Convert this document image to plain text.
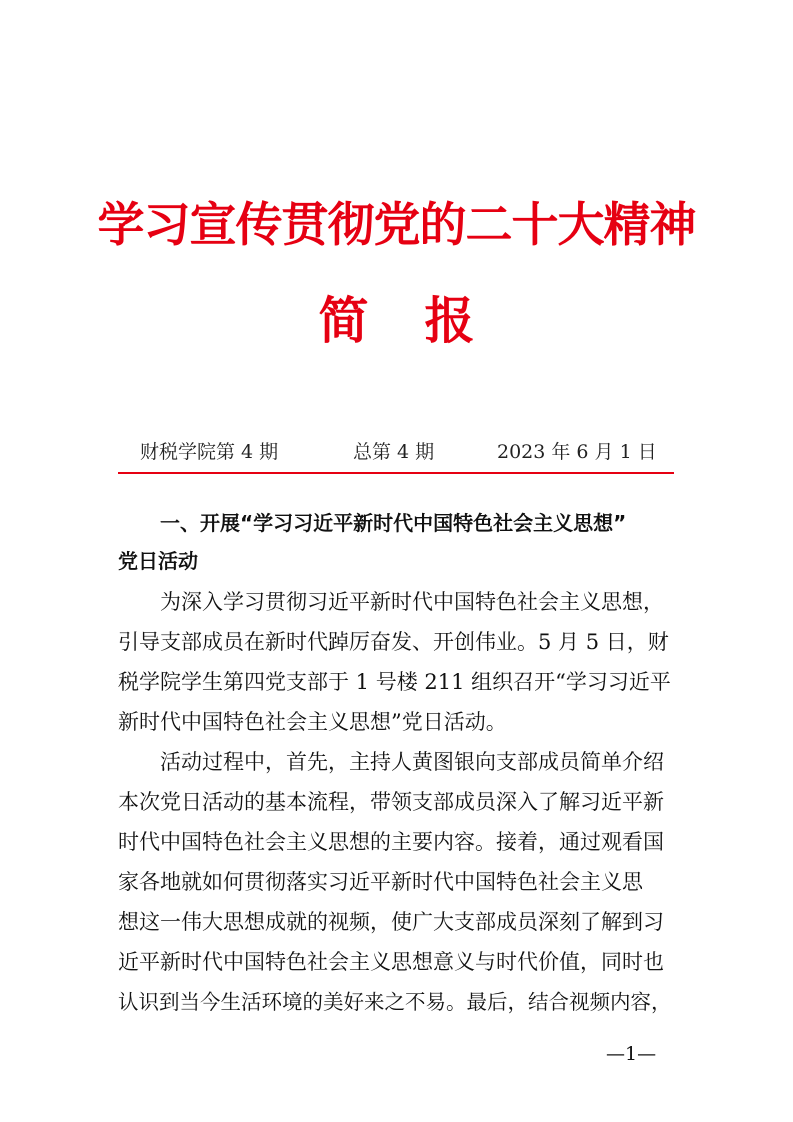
学习宣传贯彻党的二十大精神
简 报
财税学院第 4 期	总第 4 期	2023 年 6 月 1 日
一、开展“学习习近平新时代中国特色社会主义思想”
党日活动
为深入学习贯彻习近平新时代中国特色社会主义思想，
引导支部成员在新时代踔厉奋发、开创伟业。5 月 5 日，财
税学院学生第四党支部于 1 号楼 211 组织召开“学习习近平
新时代中国特色社会主义思想”党日活动。
活动过程中，首先，主持人黄图银向支部成员简单介绍
本次党日活动的基本流程，带领支部成员深入了解习近平新
时代中国特色社会主义思想的主要内容。接着，通过观看国
家各地就如何贯彻落实习近平新时代中国特色社会主义思
想这一伟大思想成就的视频，使广大支部成员深刻了解到习
近平新时代中国特色社会主义思想意义与时代价值，同时也
认识到当今生活环境的美好来之不易。最后，结合视频内容，
—1—
